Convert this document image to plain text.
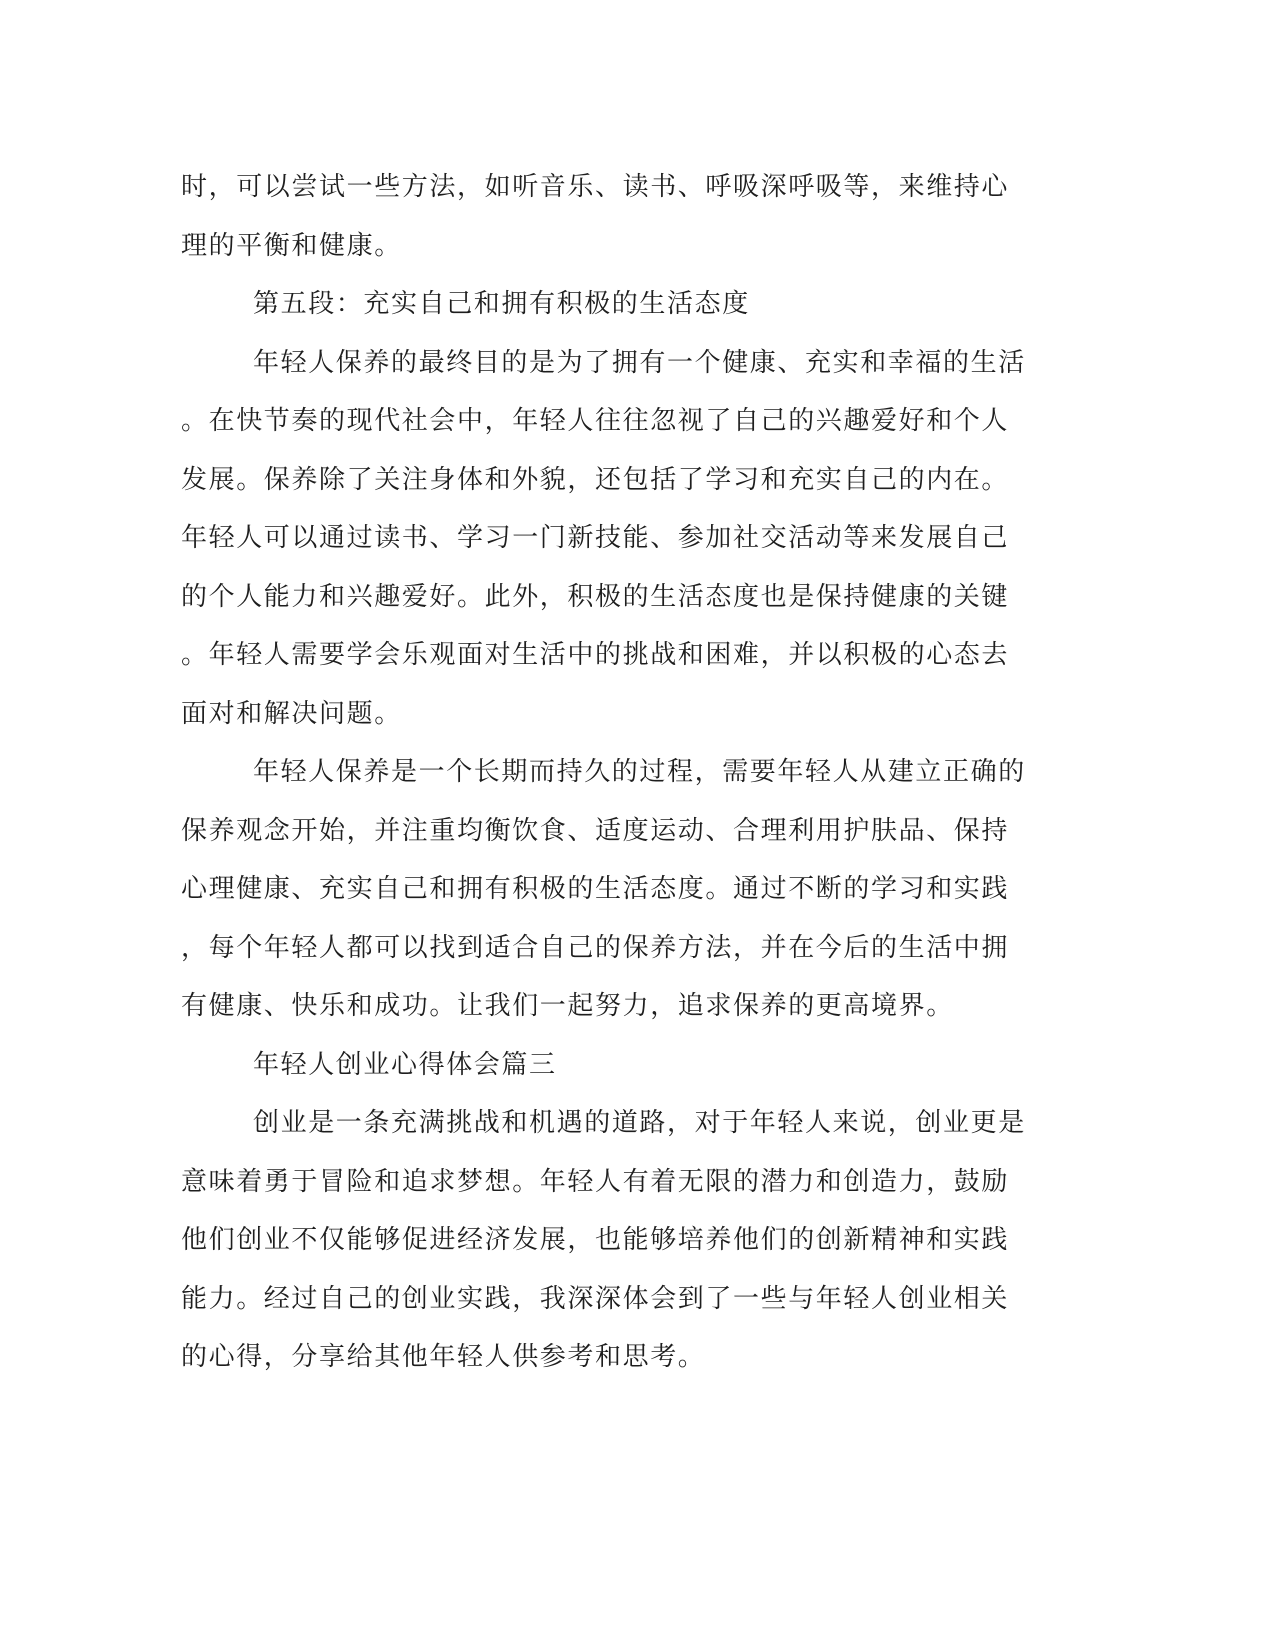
时，可以尝试一些方法，如听音乐、读书、呼吸深呼吸等，来维持心
理的平衡和健康。
第五段：充实自己和拥有积极的生活态度
年轻人保养的最终目的是为了拥有一个健康、充实和幸福的生活
。在快节奏的现代社会中，年轻人往往忽视了自己的兴趣爱好和个人
发展。保养除了关注身体和外貌，还包括了学习和充实自己的内在。
年轻人可以通过读书、学习一门新技能、参加社交活动等来发展自己
的个人能力和兴趣爱好。此外，积极的生活态度也是保持健康的关键
。年轻人需要学会乐观面对生活中的挑战和困难，并以积极的心态去
面对和解决问题。
年轻人保养是一个长期而持久的过程，需要年轻人从建立正确的
保养观念开始，并注重均衡饮食、适度运动、合理利用护肤品、保持
心理健康、充实自己和拥有积极的生活态度。通过不断的学习和实践
，每个年轻人都可以找到适合自己的保养方法，并在今后的生活中拥
有健康、快乐和成功。让我们一起努力，追求保养的更高境界。
年轻人创业心得体会篇三
创业是一条充满挑战和机遇的道路，对于年轻人来说，创业更是
意味着勇于冒险和追求梦想。年轻人有着无限的潜力和创造力，鼓励
他们创业不仅能够促进经济发展，也能够培养他们的创新精神和实践
能力。经过自己的创业实践，我深深体会到了一些与年轻人创业相关
的心得，分享给其他年轻人供参考和思考。
